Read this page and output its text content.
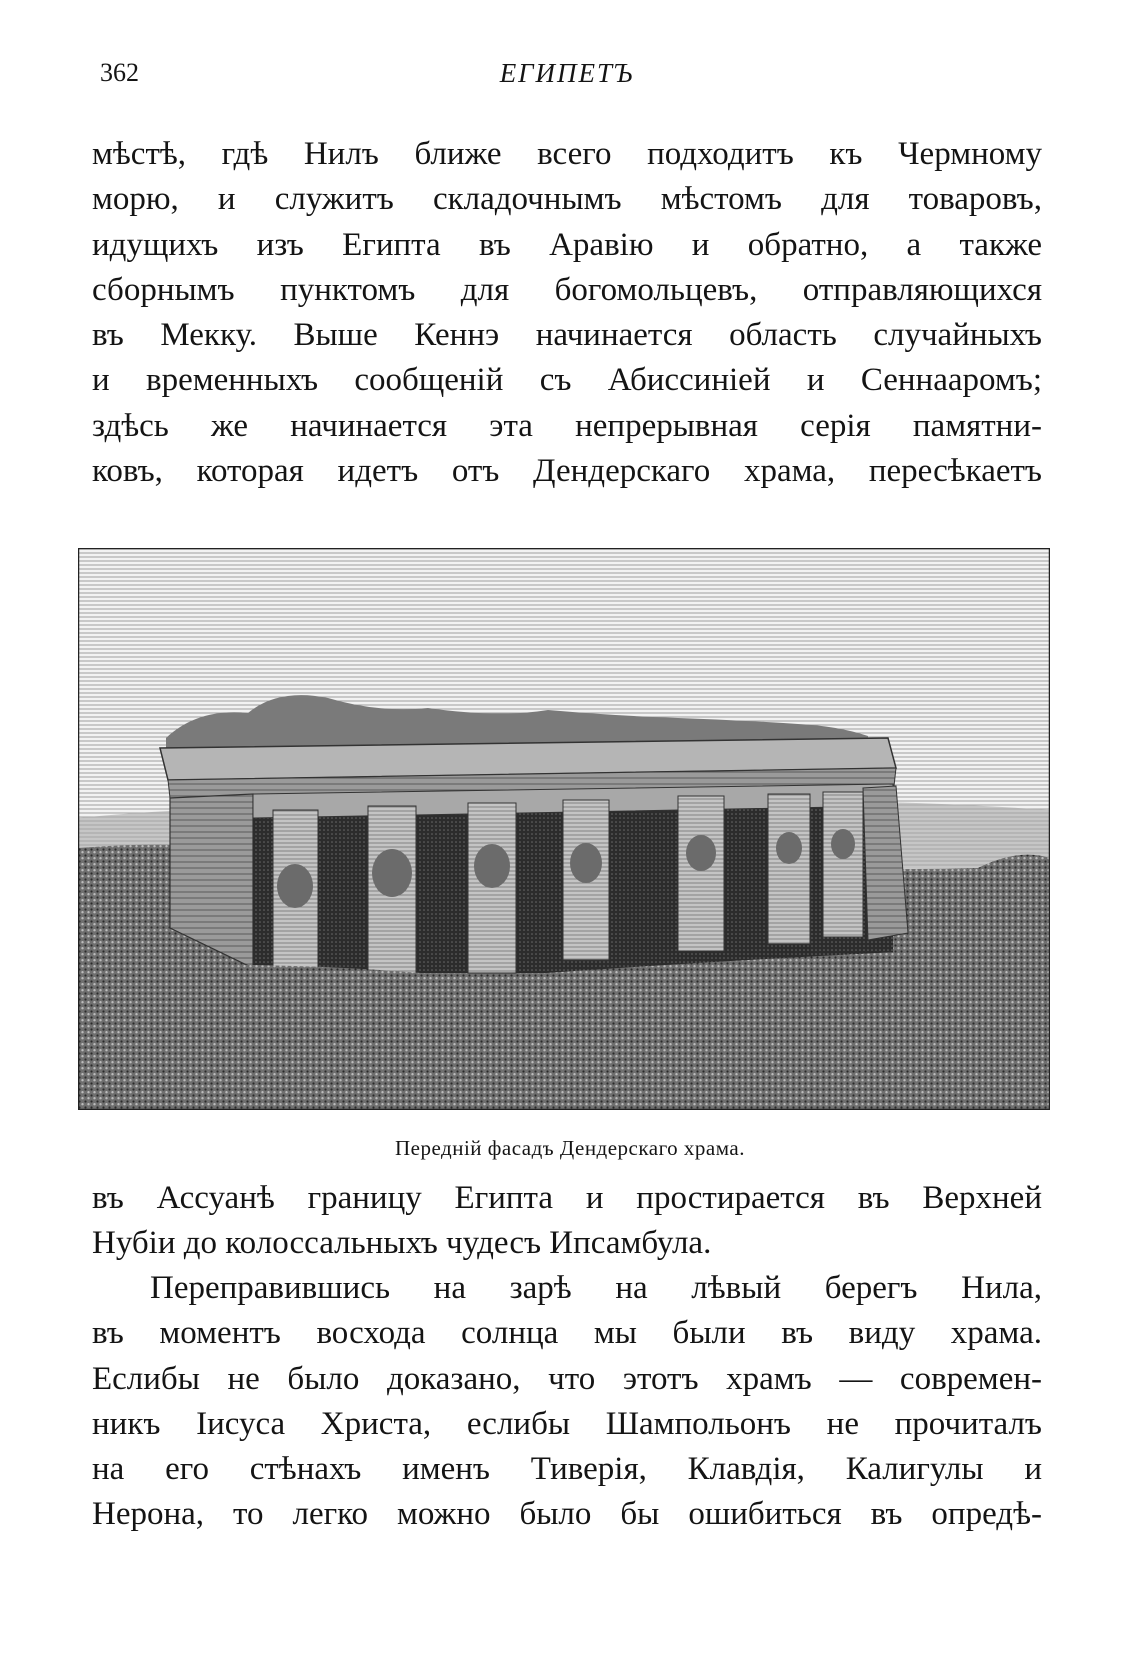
362	ЕГИПЕТЪ
мѣстѣ, гдѣ Нилъ ближе всего подходитъ къ Чермному
морю, и служитъ складочнымъ мѣстомъ для товаровъ,
идущихъ изъ Египта въ Аравію и обратно, а также
сборнымъ пунктомъ для богомольцевъ, отправляющихся
въ Мекку. Выше Кеннэ начинается область случайныхъ
и временныхъ сообщеній съ Абиссиніей и Сеннааромъ;
здѣсь же начинается эта непрерывная серія памятни-
ковъ, которая идетъ отъ Дендерскаго храма, пересѣкаетъ
Передній фасадъ Дендерскаго храма.
въ Ассуанѣ границу Египта и простирается въ Верхней
Нубіи до колоссальныхъ чудесъ Ипсамбула.
Переправившись на зарѣ на лѣвый берегъ Нила,
въ моментъ восхода солнца мы были въ виду храма.
Еслибы не было доказано, что этотъ храмъ — современ-
никъ Іисуса Христа, еслибы Шампольонъ не прочиталъ
на его стѣнахъ именъ Тиверія, Клавдія, Калигулы и
Нерона, то легко можно было бы ошибиться въ опредѣ-
